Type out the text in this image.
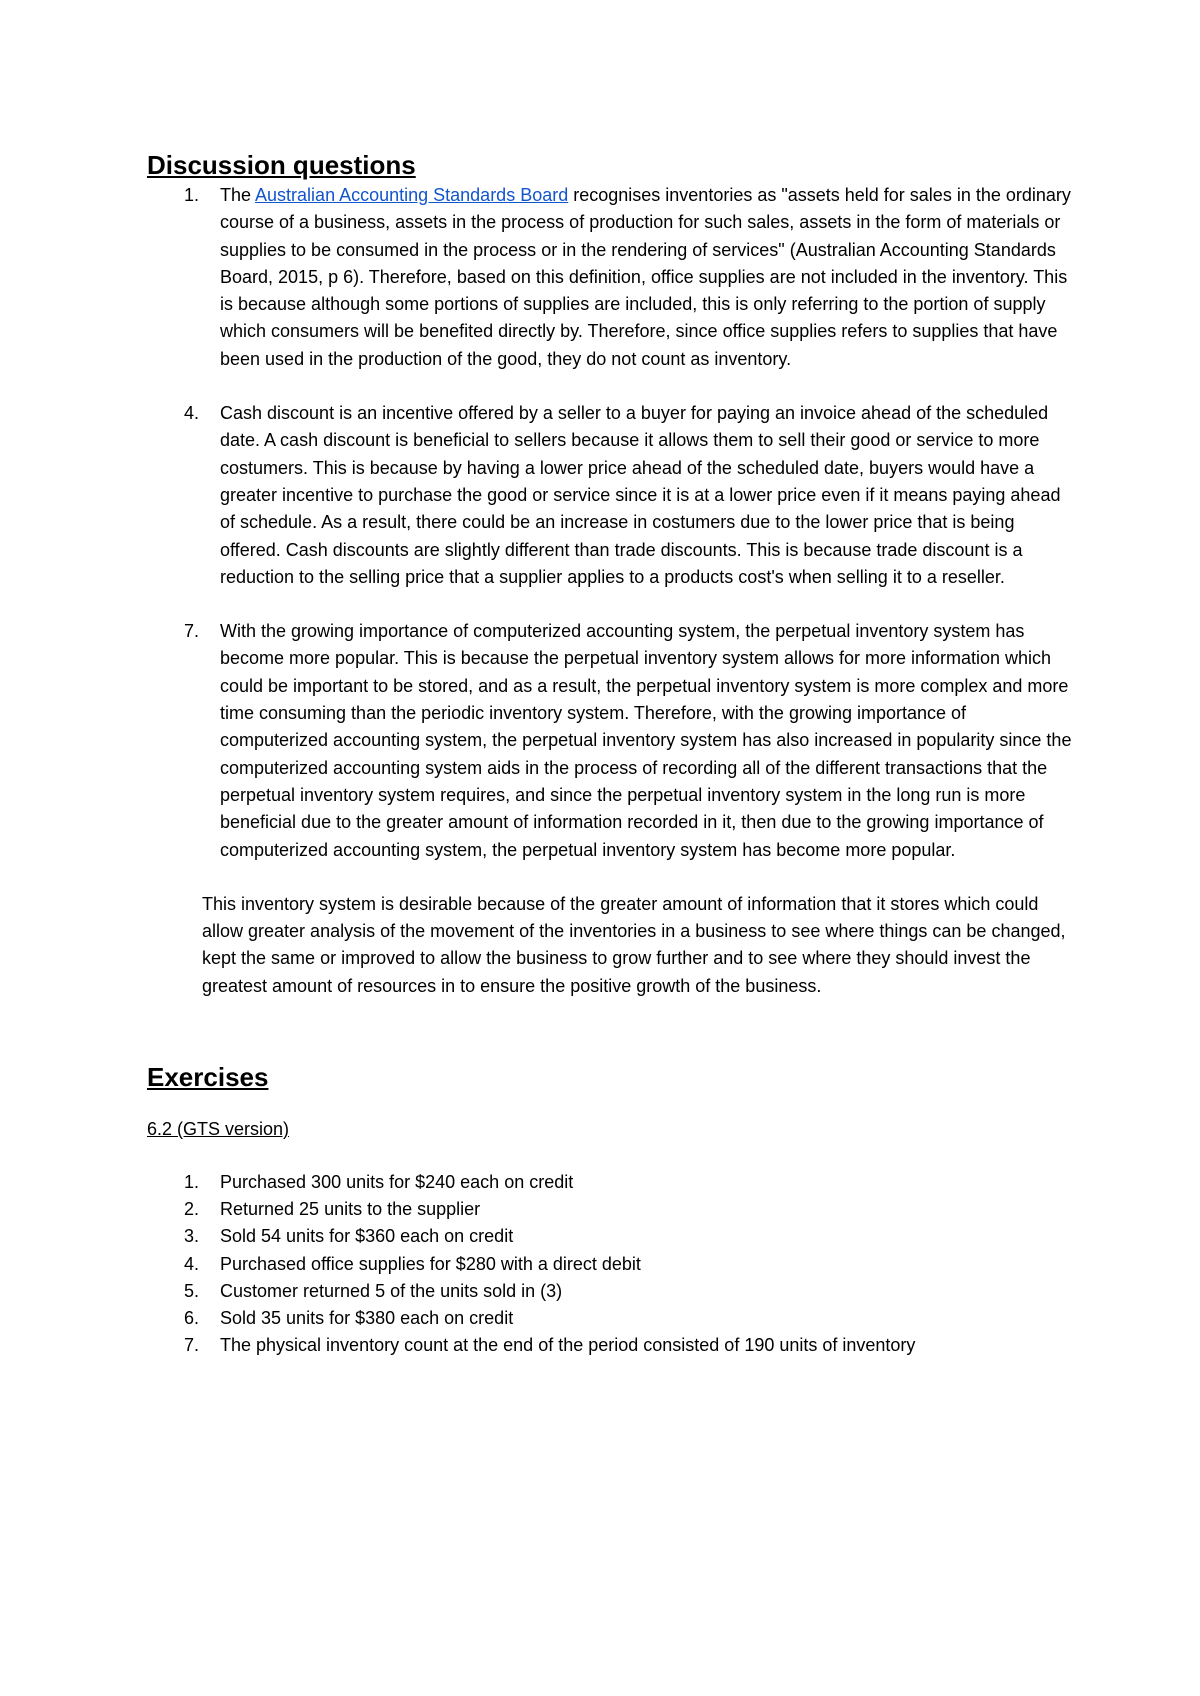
Discussion questions
1. The Australian Accounting Standards Board recognises inventories as "assets held for sales in the ordinary course of a business, assets in the process of production for such sales, assets in the form of materials or supplies to be consumed in the process or in the rendering of services" (Australian Accounting Standards Board, 2015, p 6). Therefore, based on this definition, office supplies are not included in the inventory. This is because although some portions of supplies are included, this is only referring to the portion of supply which consumers will be benefited directly by. Therefore, since office supplies refers to supplies that have been used in the production of the good, they do not count as inventory.
4. Cash discount is an incentive offered by a seller to a buyer for paying an invoice ahead of the scheduled date. A cash discount is beneficial to sellers because it allows them to sell their good or service to more costumers. This is because by having a lower price ahead of the scheduled date, buyers would have a greater incentive to purchase the good or service since it is at a lower price even if it means paying ahead of schedule. As a result, there could be an increase in costumers due to the lower price that is being offered. Cash discounts are slightly different than trade discounts. This is because trade discount is a reduction to the selling price that a supplier applies to a products cost's when selling it to a reseller.
7. With the growing importance of computerized accounting system, the perpetual inventory system has become more popular. This is because the perpetual inventory system allows for more information which could be important to be stored, and as a result, the perpetual inventory system is more complex and more time consuming than the periodic inventory system. Therefore, with the growing importance of computerized accounting system, the perpetual inventory system has also increased in popularity since the computerized accounting system aids in the process of recording all of the different transactions that the perpetual inventory system requires, and since the perpetual inventory system in the long run is more beneficial due to the greater amount of information recorded in it, then due to the growing importance of computerized accounting system, the perpetual inventory system has become more popular.

This inventory system is desirable because of the greater amount of information that it stores which could allow greater analysis of the movement of the inventories in a business to see where things can be changed, kept the same or improved to allow the business to grow further and to see where they should invest the greatest amount of resources in to ensure the positive growth of the business.

Exercises
6.2 (GTS version)
1. Purchased 300 units for $240 each on credit
2. Returned 25 units to the supplier
3. Sold 54 units for $360 each on credit
4. Purchased office supplies for $280 with a direct debit
5. Customer returned 5 of the units sold in (3)
6. Sold 35 units for $380 each on credit
7. The physical inventory count at the end of the period consisted of 190 units of inventory
